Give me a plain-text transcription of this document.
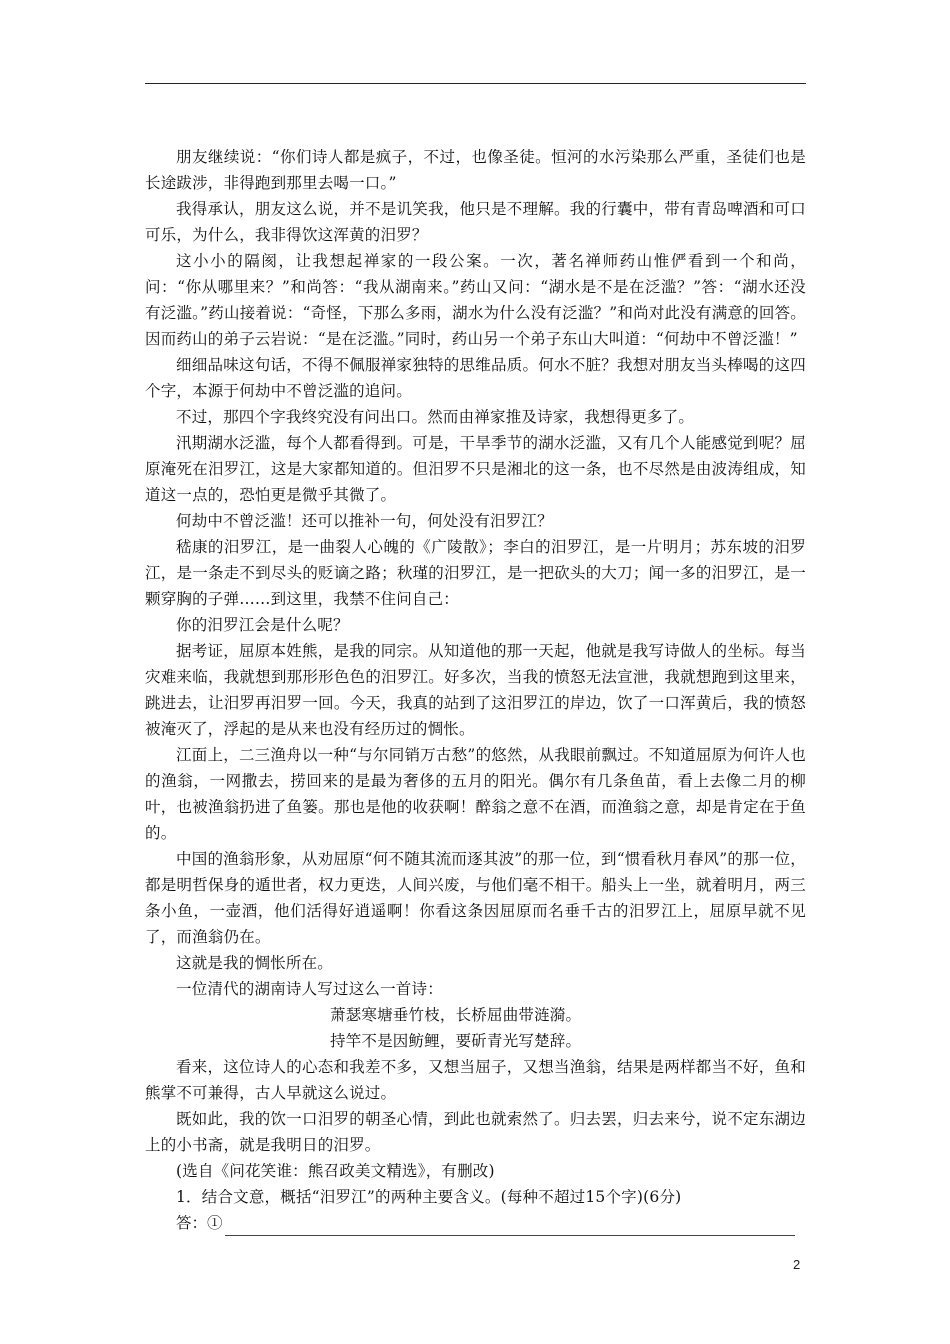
朋友继续说：“你们诗人都是疯子，不过，也像圣徒。恒河的水污染那么严重，圣徒们也是长途跋涉，非得跑到那里去喝一口。”

我得承认，朋友这么说，并不是讥笑我，他只是不理解。我的行囊中，带有青岛啤酒和可口可乐，为什么，我非得饮这浑黄的汨罗？

这小小的隔阂，让我想起禅家的一段公案。一次，著名禅师药山惟俨看到一个和尚，问：“你从哪里来？”和尚答：“我从湖南来。”药山又问：“湖水是不是在泛滥？”答：“湖水还没有泛滥。”药山接着说：“奇怪，下那么多雨，湖水为什么没有泛滥？”和尚对此没有满意的回答。因而药山的弟子云岩说：“是在泛滥。”同时，药山另一个弟子东山大叫道：“何劫中不曾泛滥！”

细细品味这句话，不得不佩服禅家独特的思维品质。何水不脏？我想对朋友当头棒喝的这四个字，本源于何劫中不曾泛滥的追问。

不过，那四个字我终究没有问出口。然而由禅家推及诗家，我想得更多了。

汛期湖水泛滥，每个人都看得到。可是，干旱季节的湖水泛滥，又有几个人能感觉到呢？屈原淹死在汨罗江，这是大家都知道的。但汨罗不只是湘北的这一条，也不尽然是由波涛组成，知道这一点的，恐怕更是微乎其微了。

何劫中不曾泛滥！还可以推补一句，何处没有汨罗江？

嵇康的汨罗江，是一曲裂人心魄的《广陵散》；李白的汨罗江，是一片明月；苏东坡的汨罗江，是一条走不到尽头的贬谪之路；秋瑾的汨罗江，是一把砍头的大刀；闻一多的汨罗江，是一颗穿胸的子弹……到这里，我禁不住问自己：

你的汨罗江会是什么呢？

据考证，屈原本姓熊，是我的同宗。从知道他的那一天起，他就是我写诗做人的坐标。每当灾难来临，我就想到那形形色色的汨罗江。好多次，当我的愤怒无法宣泄，我就想跑到这里来，跳进去，让汨罗再汨罗一回。今天，我真的站到了这汨罗江的岸边，饮了一口浑黄后，我的愤怒被淹灭了，浮起的是从来也没有经历过的惆怅。

江面上，二三渔舟以一种“与尔同销万古愁”的悠然，从我眼前飘过。不知道屈原为何许人也的渔翁，一网撒去，捞回来的是最为奢侈的五月的阳光。偶尔有几条鱼苗，看上去像二月的柳叶，也被渔翁扔进了鱼篓。那也是他的收获啊！醉翁之意不在酒，而渔翁之意，却是肯定在于鱼的。

中国的渔翁形象，从劝屈原“何不随其流而逐其波”的那一位，到“惯看秋月春风”的那一位，都是明哲保身的遁世者，权力更迭，人间兴废，与他们毫不相干。船头上一坐，就着明月，两三条小鱼，一壶酒，他们活得好逍遥啊！你看这条因屈原而名垂千古的汨罗江上，屈原早就不见了，而渔翁仍在。

这就是我的惆怅所在。

一位清代的湖南诗人写过这么一首诗：

萧瑟寒塘垂竹枝，长桥屈曲带涟漪。

持竿不是因鲂鲤，要斫青光写楚辞。

看来，这位诗人的心态和我差不多，又想当屈子，又想当渔翁，结果是两样都当不好，鱼和熊掌不可兼得，古人早就这么说过。

既如此，我的饮一口汨罗的朝圣心情，到此也就索然了。归去罢，归去来兮，说不定东湖边上的小书斋，就是我明日的汨罗。

(选自《问花笑谁：熊召政美文精选》，有删改)

1．结合文意，概括“汨罗江”的两种主要含义。(每种不超过15个字)(6分)

答：①
2
